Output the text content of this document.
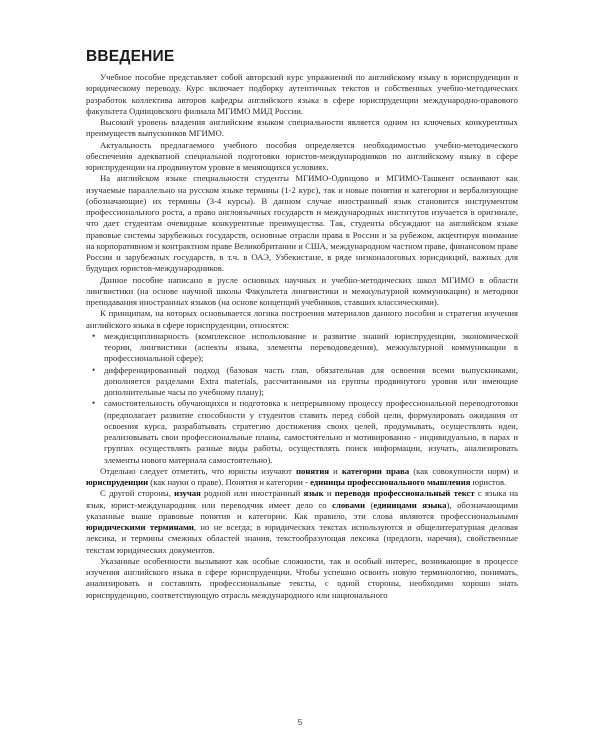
ВВЕДЕНИЕ

Учебное пособие представляет собой авторский курс упражнений по английскому языку в юриспруденции и юридическому переводу. Курс включает подборку аутентичных текстов и собственных учебно-методических разработок коллектива авторов кафедры английского языка в сфере юриспруденции международно-правового факультета Одинцовского филиала МГИМО МИД России.

Высокий уровень владения английским языком специальности является одним из ключевых конкурентных преимуществ выпускников МГИМО.

Актуальность предлагаемого учебного пособия определяется необходимостью учебно-методического обеспечения адекватной специальной подготовки юристов-международников по английскому языку в сфере юриспруденции на продвинутом уровне в меняющихся условиях.

На английском языке специальности студенты МГИМО-Одинцово и МГИМО-Ташкент осваивают как изучаемые параллельно на русском языке термины (1-2 курс), так и новые понятия и категории и вербализующие (обозначающие) их термины (3-4 курсы). В данном случае иностранный язык становится инструментом профессионального роста, а право англоязычных государств и международных институтов изучается в оригинале, что дает студентам очевидные конкурентные преимущества. Так, студенты обсуждают на английском языке правовые системы зарубежных государств, основные отрасли права в России и за рубежом, акцентируя внимание на корпоративном и контрактном праве Великобритании и США, международном частном праве, финансовом праве России и зарубежных государств, в т.ч. в ОАЭ, Узбекистане, в ряде низконалоговых юрисдикций, важных для будущих юристов-международников.

Данное пособие написано в русле основных научных и учебно-методических школ МГИМО в области лингвистики (на основе научной школы Факультета лингвистики и межкультурной коммуникации) и методики преподавания иностранных языков (на основе концепций учебников, ставших классическими).

К принципам, на которых основывается логика построения материалов данного пособия и стратегия изучения английского языка в сфере юриспруденции, относятся:

• междисциплинарность (комплексное использование и развитие знаний юриспруденции, экономической теории, лингвистики (аспекты языка, элементы переводоведения), межкультурной коммуникации в профессиональной сфере);
• дифференцированный подход (базовая часть глав, обязательная для освоения всеми выпускниками, дополняется разделами Extra materials, рассчитанными на группы продвинутого уровня или имеющие дополнительные часы по учебному плану);
• самостоятельность обучающихся и подготовка к непрерывному процессу профессиональной переподготовки (предполагает развитие способности у студентов ставить перед собой цели, формулировать ожидания от освоения курса, разрабатывать стратегию достижения своих целей, продумывать, осуществлять идеи, реализовывать свои профессиональные планы, самостоятельно и мотивированно - индивидуально, в парах и группах осуществлять разные виды работы, осуществлять поиск информации, изучать, анализировать элементы нового материала самостоятельно).

Отдельно следует отметить, что юристы изучают понятия и категории права (как совокупности норм) и юриспруденции (как науки о праве). Понятия и категории - единицы профессионального мышления юристов.

С другой стороны, изучая родной или иностранный язык и переводя профессиональный текст с языка на язык, юрист-международник или переводчик имеет дело со словами (единицами языка), обозначающими указанные выше правовые понятия и категории. Как правило, эти слова являются профессиональными юридическими терминами, но не всегда; в юридических текстах используются и общелитературная деловая лексика, и термины смежных областей знания, текстообразующая лексика (предлоги, наречия), свойственные текстам юридических документов.

Указанные особенности вызывают как особые сложности, так и особый интерес, возникающие в процессе изучения английского языка в сфере юриспруденции. Чтобы успешно освоить новую терминологию, понимать, анализировать и составлять профессиональные тексты, с одной стороны, необходимо хорошо знать юриспруденцию, соответствующую отрасль международного или национального

5
